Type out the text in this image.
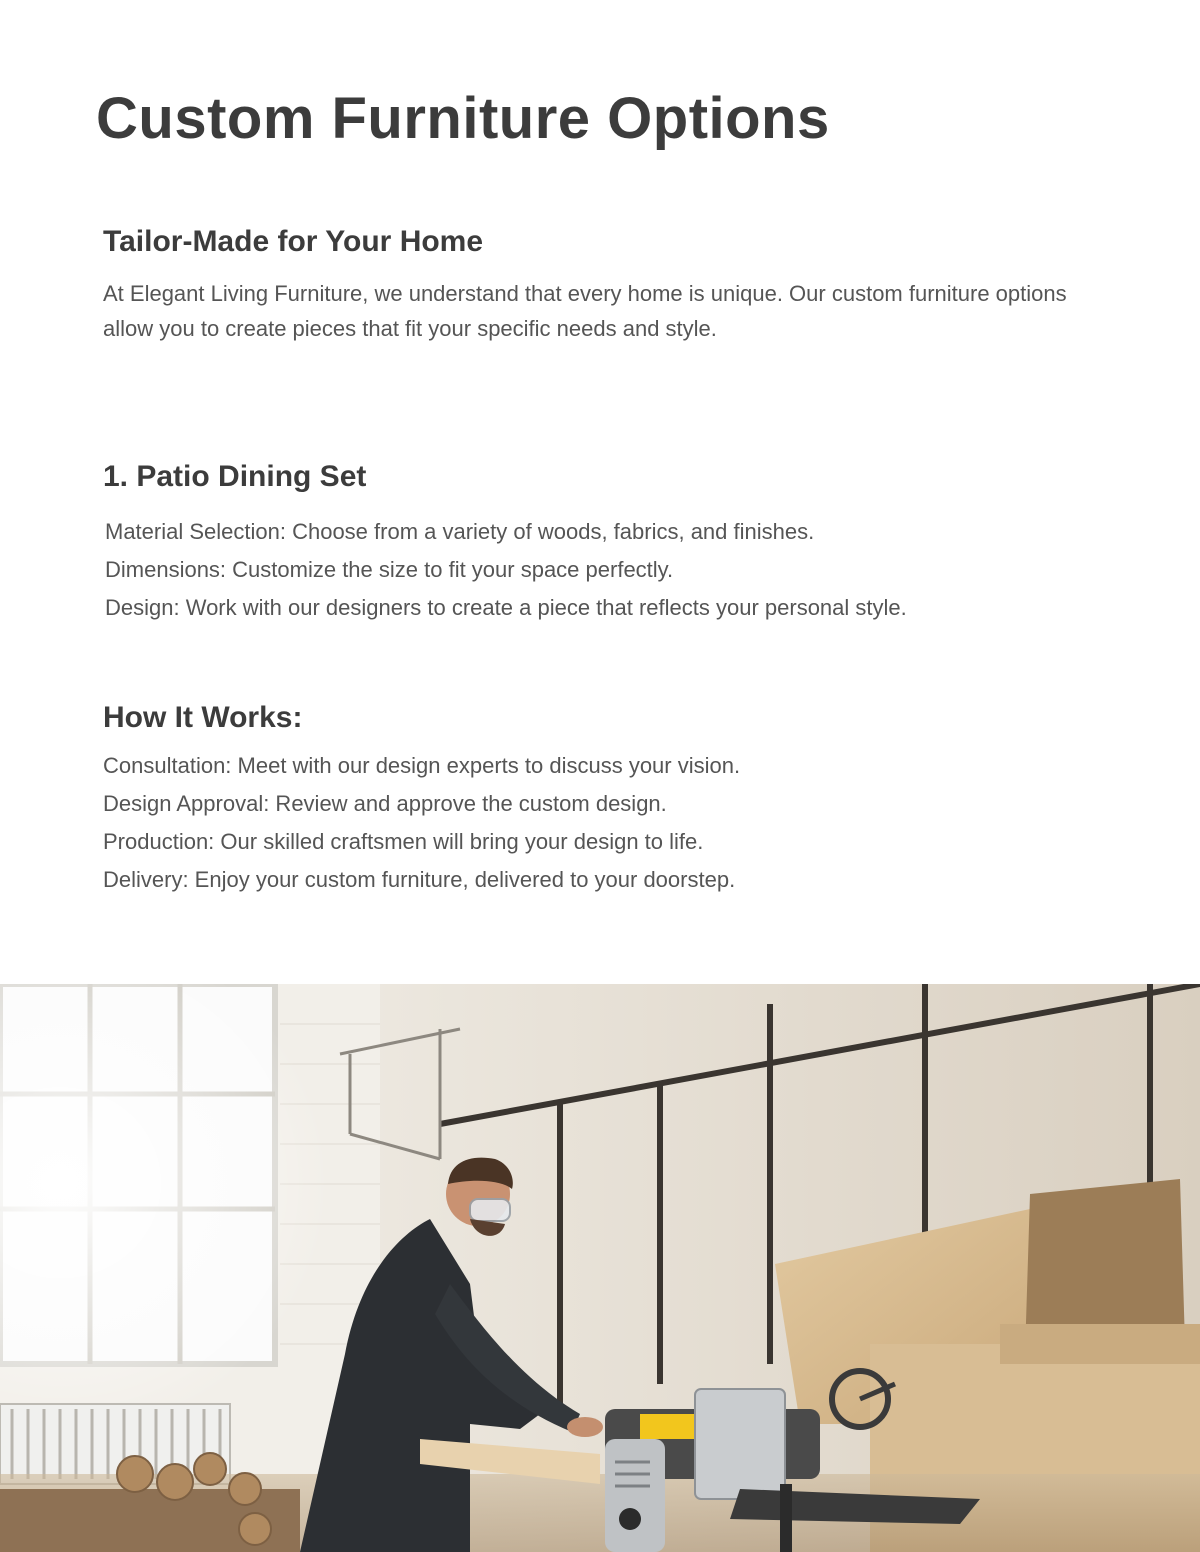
Custom Furniture Options
Tailor-Made for Your Home

At Elegant Living Furniture, we understand that every home is unique. Our custom furniture options allow you to create pieces that fit your specific needs and style.

1. Patio Dining Set
Material Selection: Choose from a variety of woods, fabrics, and finishes.
Dimensions: Customize the size to fit your space perfectly.
Design: Work with our designers to create a piece that reflects your personal style.
How It Works:
Consultation: Meet with our design experts to discuss your vision.
Design Approval: Review and approve the custom design.
Production: Our skilled craftsmen will bring your design to life.
Delivery: Enjoy your custom furniture, delivered to your doorstep.
